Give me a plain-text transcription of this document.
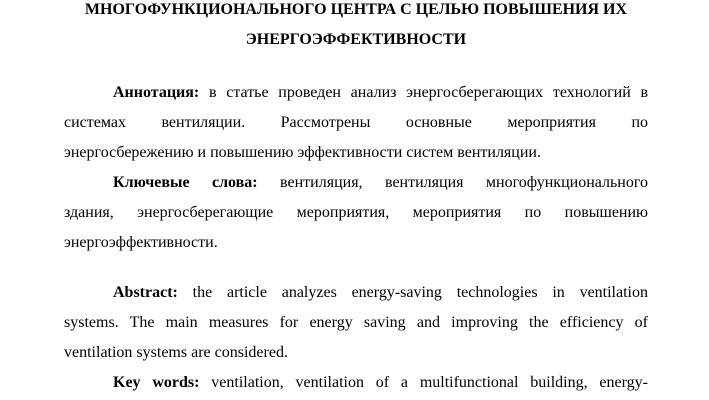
МНОГОФУНКЦИОНАЛЬНОГО ЦЕНТРА С ЦЕЛЬЮ ПОВЫШЕНИЯ ИХ
ЭНЕРГОЭФФЕКТИВНОСТИ
Аннотация: в статье проведен анализ энергосберегающих технологий в
системах вентиляции. Рассмотрены основные мероприятия по
энергосбережению и повышению эффективности систем вентиляции.
Ключевые слова: вентиляция, вентиляция многофункционального
здания, энергосберегающие мероприятия, мероприятия по повышению
энергоэффективности.
Abstract: the article analyzes energy-saving technologies in ventilation
systems. The main measures for energy saving and improving the efficiency of
ventilation systems are considered.
Key words: ventilation, ventilation of a multifunctional building, energy-
